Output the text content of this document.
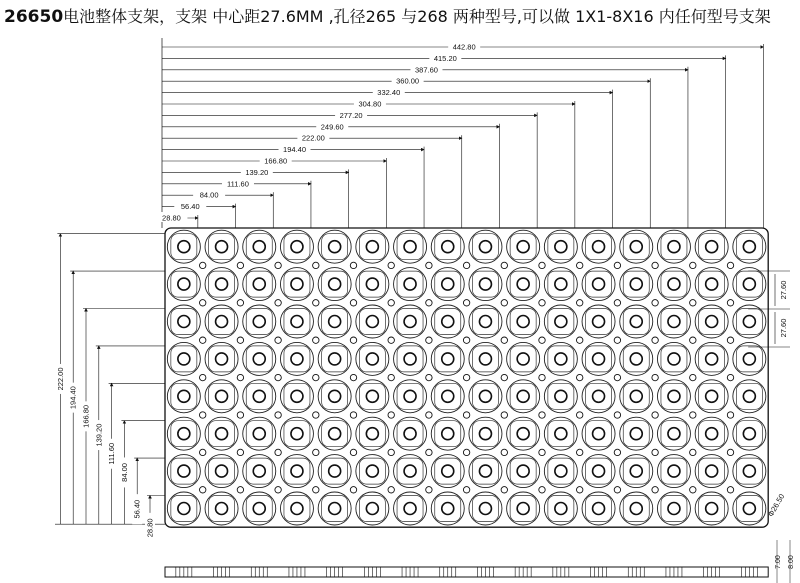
26650电池整体支架，支架 中心距27.6MM ,孔径265 与268 两种型号,可以做 1X1-8X16 内任何型号支架
28.80
56.40
84.00
111.60
139.20
166.80
194.40
222.00
249.60
277.20
304.80
332.40
360.00
387.60
415.20
442.80
28.80
56.40
84.00
111.60
139.20
166.80
194.40
222.00
27.60
27.60
Φ26.50
7.00 8.00
